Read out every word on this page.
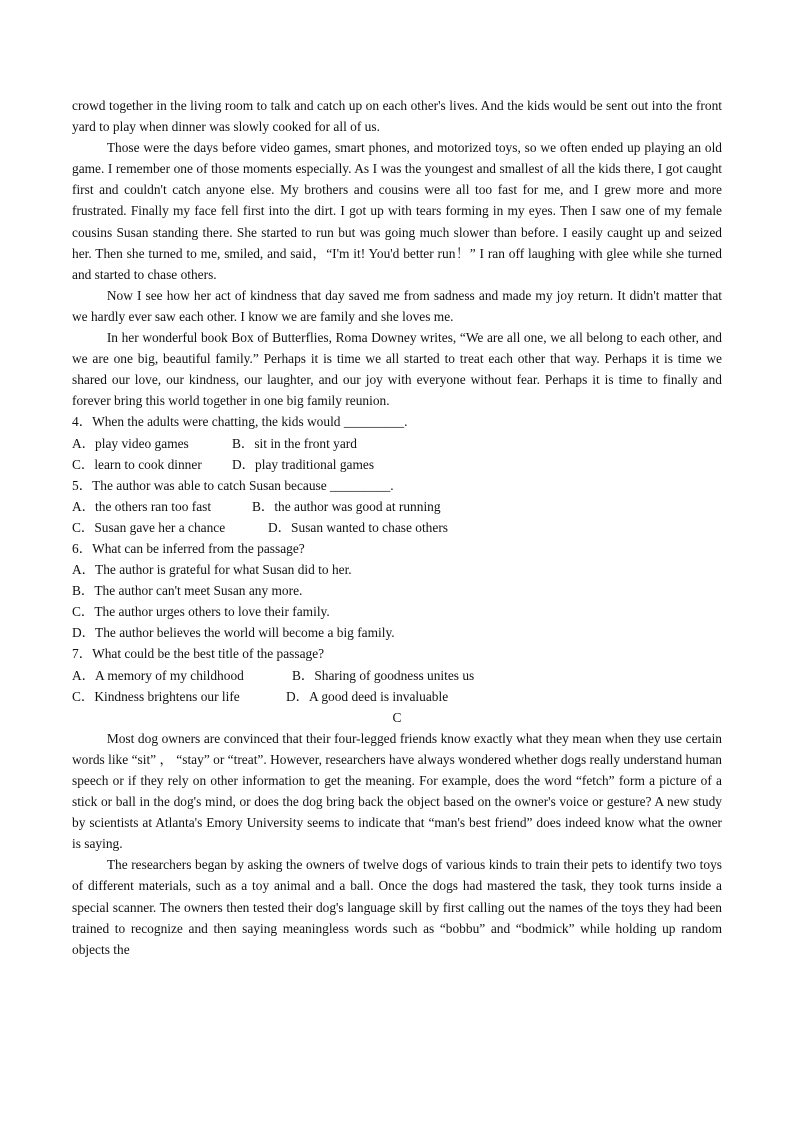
crowd together in the living room to talk and catch up on each other's lives. And the kids would be sent out into the front yard to play when dinner was slowly cooked for all of us.

Those were the days before video games, smart phones, and motorized toys, so we often ended up playing an old game. I remember one of those moments especially. As I was the youngest and smallest of all the kids there, I got caught first and couldn't catch anyone else. My brothers and cousins were all too fast for me, and I grew more and more frustrated. Finally my face fell first into the dirt. I got up with tears forming in my eyes. Then I saw one of my female cousins Susan standing there. She started to run but was going much slower than before. I easily caught up and seized her. Then she turned to me, smiled, and said，“I'm it! You'd better run！” I ran off laughing with glee while she turned and started to chase others.

Now I see how her act of kindness that day saved me from sadness and made my joy return. It didn't matter that we hardly ever saw each other. I know we are family and she loves me.

In her wonderful book Box of Butterflies, Roma Downey writes, “We are all one, we all belong to each other, and we are one big, beautiful family.” Perhaps it is time we all started to treat each other that way. Perhaps it is time we shared our love, our kindness, our laughter, and our joy with everyone without fear. Perhaps it is time to finally and forever bring this world together in one big family reunion.

4．When the adults were chatting, the kids would _________.
A．play video games	B．sit in the front yard
C．learn to cook dinner	D．play traditional games
5．The author was able to catch Susan because _________.
A．the others ran too fast	B．the author was good at running
C．Susan gave her a chance	D．Susan wanted to chase others
6．What can be inferred from the passage?
A．The author is grateful for what Susan did to her.
B．The author can't meet Susan any more.
C．The author urges others to love their family.
D．The author believes the world will become a big family.
7．What could be the best title of the passage?
A．A memory of my childhood	B．Sharing of goodness unites us
C．Kindness brightens our life	D．A good deed is invaluable
C

Most dog owners are convinced that their four-legged friends know exactly what they mean when they use certain words like “sit” ， “stay” or “treat”. However, researchers have always wondered whether dogs really understand human speech or if they rely on other information to get the meaning. For example, does the word “fetch” form a picture of a stick or ball in the dog's mind, or does the dog bring back the object based on the owner's voice or gesture? A new study by scientists at Atlanta's Emory University seems to indicate that “man's best friend” does indeed know what the owner is saying.

The researchers began by asking the owners of twelve dogs of various kinds to train their pets to identify two toys of different materials, such as a toy animal and a ball. Once the dogs had mastered the task, they took turns inside a special scanner. The owners then tested their dog's language skill by first calling out the names of the toys they had been trained to recognize and then saying meaningless words such as “bobbu” and “bodmick” while holding up random objects the
